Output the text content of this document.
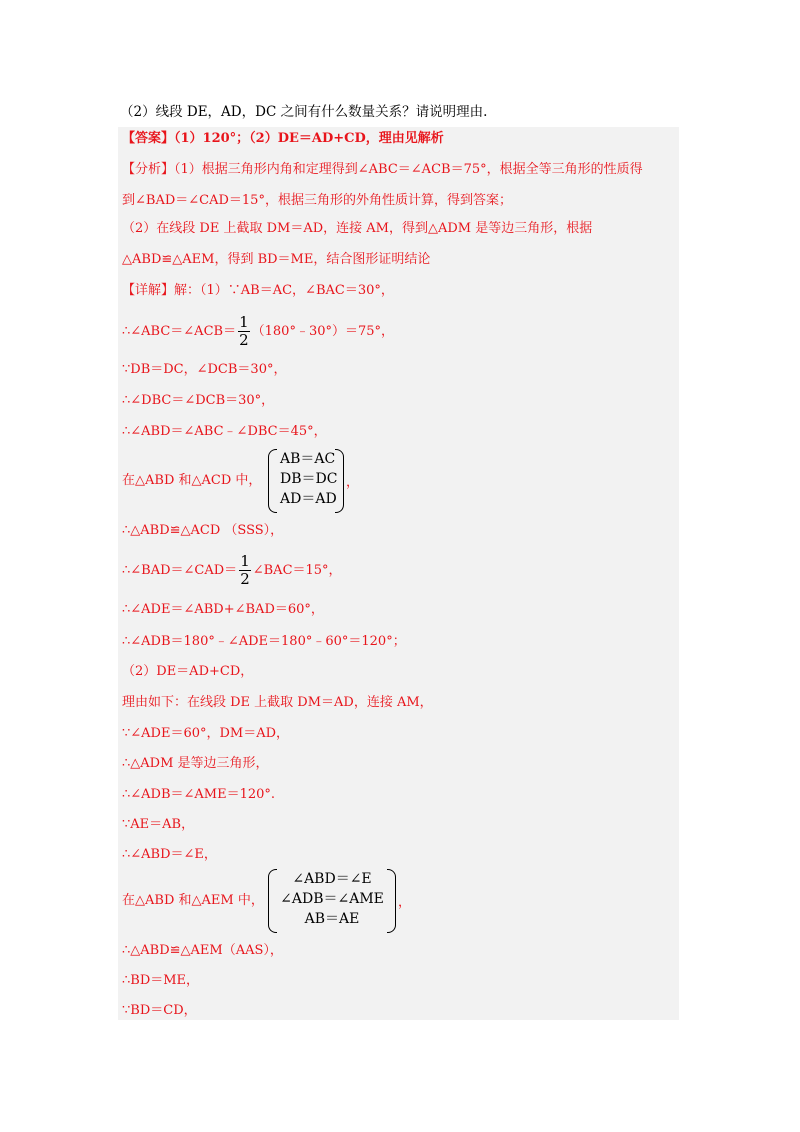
（2）线段 DE，AD，DC 之间有什么数量关系？请说明理由.
【答案】（1）120°；（2）DE＝AD+CD，理由见解析
【分析】（1）根据三角形内角和定理得到∠ABC＝∠ACB＝75°，根据全等三角形的性质得
到∠BAD＝∠CAD＝15°，根据三角形的外角性质计算，得到答案；
（2）在线段 DE 上截取 DM＝AD，连接 AM，得到△ADM 是等边三角形，根据
△ABD≌△AEM，得到 BD＝ME，结合图形证明结论
【详解】解：（1）∵AB＝AC，∠BAC＝30°，
∴∠ABC＝∠ACB＝ $\frac{1}{2}$ （180°﹣30°）＝75°，
∵DB＝DC，∠DCB＝30°，
∴∠DBC＝∠DCB＝30°，
∴∠ABD＝∠ABC﹣∠DBC＝45°，
在△ABD 和△ACD 中，
AB＝AC
DB＝DC
AD＝AD
，
∴△ABD≌△ACD （SSS），
∴∠BAD＝∠CAD＝ $\frac{1}{2}$ ∠BAC＝15°，
∴∠ADE＝∠ABD+∠BAD＝60°，
∴∠ADB＝180°﹣∠ADE＝180°﹣60°＝120°；
（2）DE＝AD+CD，
理由如下：在线段 DE 上截取 DM＝AD，连接 AM，
∵∠ADE＝60°，DM＝AD，
∴△ADM 是等边三角形，
∴∠ADB＝∠AME＝120°.
∵AE＝AB，
∴∠ABD＝∠E，
在△ABD 和△AEM 中，
∠ABD＝∠E
∠ADB＝∠AME
AB＝AE
，
∴△ABD≌△AEM（AAS），
∴BD＝ME，
∵BD＝CD，
